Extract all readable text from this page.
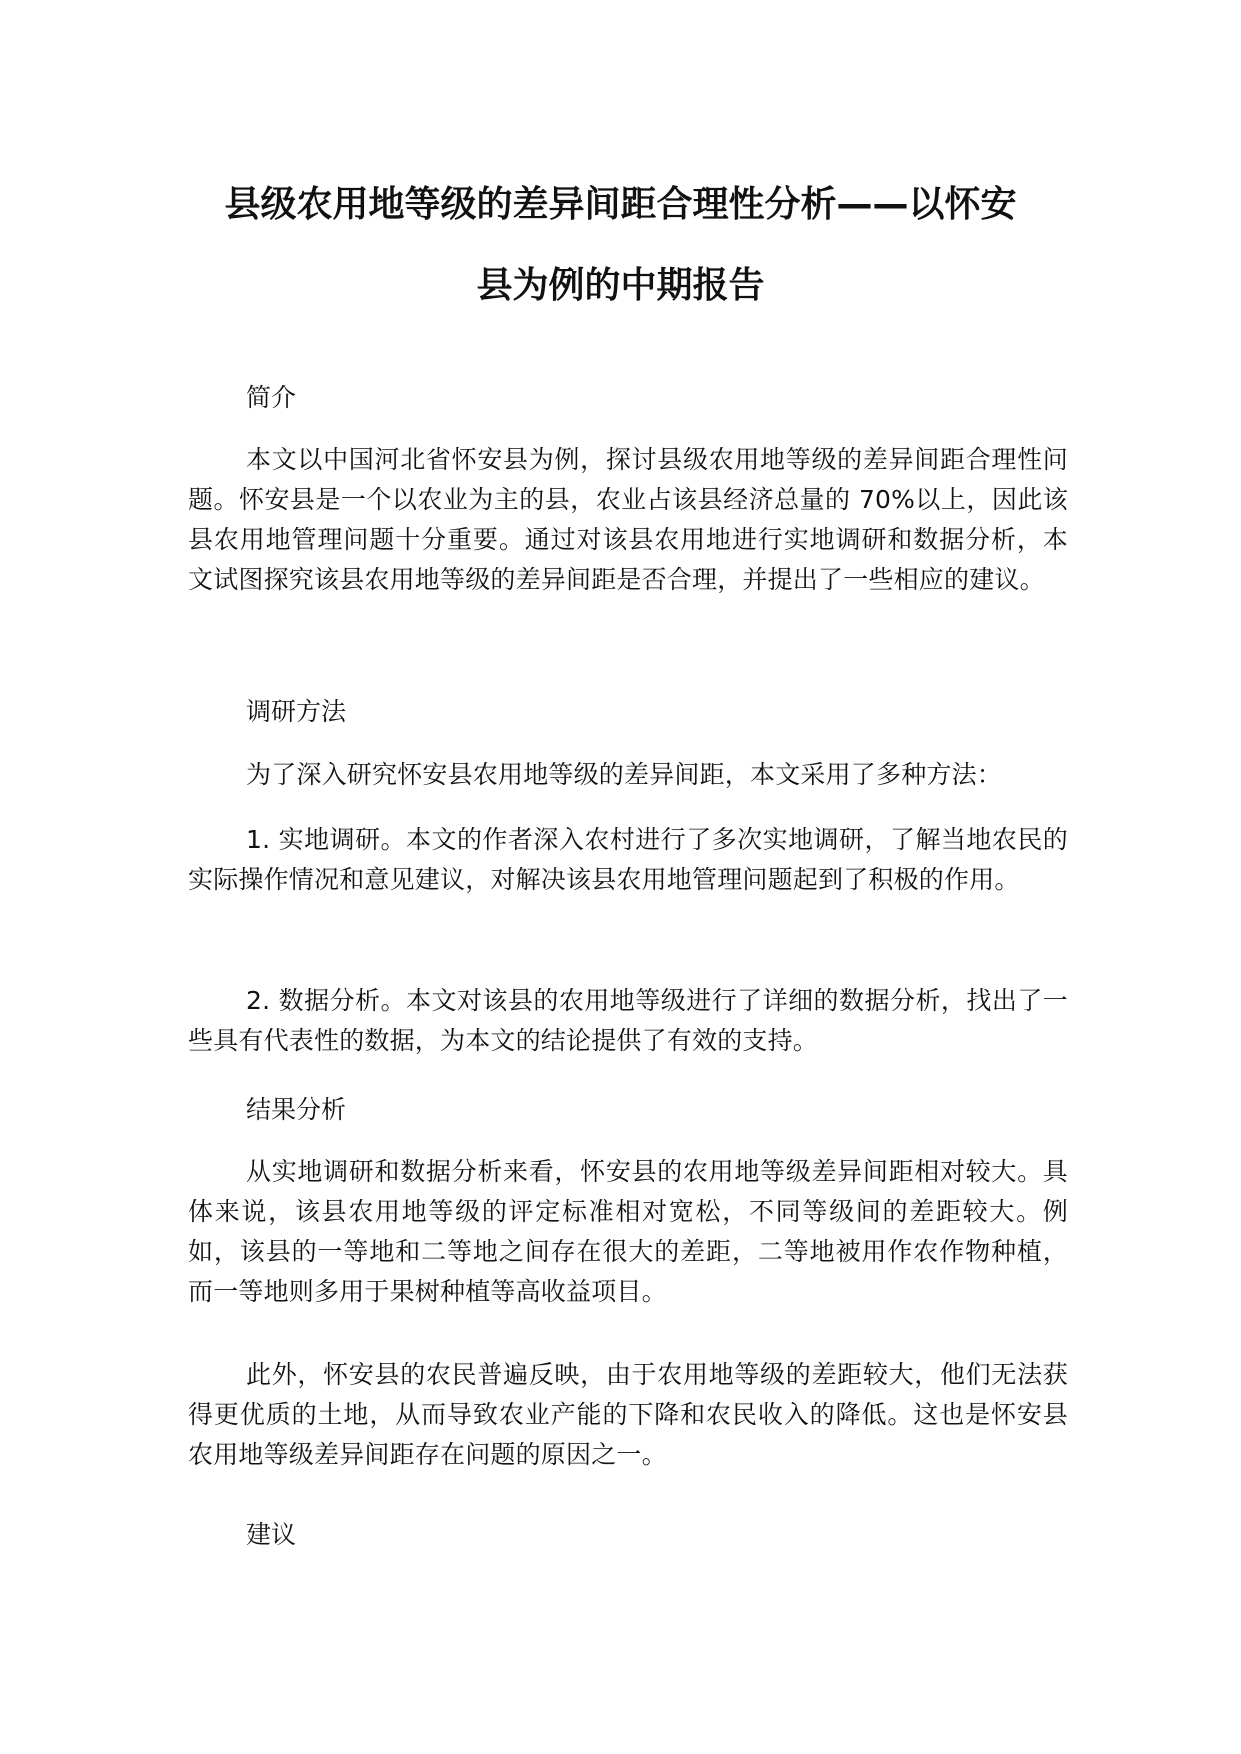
县级农用地等级的差异间距合理性分析——以怀安
县为例的中期报告
简介
本文以中国河北省怀安县为例，探讨县级农用地等级的差异间距合理性问题。怀安县是一个以农业为主的县，农业占该县经济总量的 70%以上，因此该县农用地管理问题十分重要。通过对该县农用地进行实地调研和数据分析，本文试图探究该县农用地等级的差异间距是否合理，并提出了一些相应的建议。
调研方法
为了深入研究怀安县农用地等级的差异间距，本文采用了多种方法：
1. 实地调研。本文的作者深入农村进行了多次实地调研，了解当地农民的实际操作情况和意见建议，对解决该县农用地管理问题起到了积极的作用。
2. 数据分析。本文对该县的农用地等级进行了详细的数据分析，找出了一些具有代表性的数据，为本文的结论提供了有效的支持。
结果分析
从实地调研和数据分析来看，怀安县的农用地等级差异间距相对较大。具体来说，该县农用地等级的评定标准相对宽松，不同等级间的差距较大。例如，该县的一等地和二等地之间存在很大的差距，二等地被用作农作物种植，而一等地则多用于果树种植等高收益项目。
此外，怀安县的农民普遍反映，由于农用地等级的差距较大，他们无法获得更优质的土地，从而导致农业产能的下降和农民收入的降低。这也是怀安县农用地等级差异间距存在问题的原因之一。
建议
